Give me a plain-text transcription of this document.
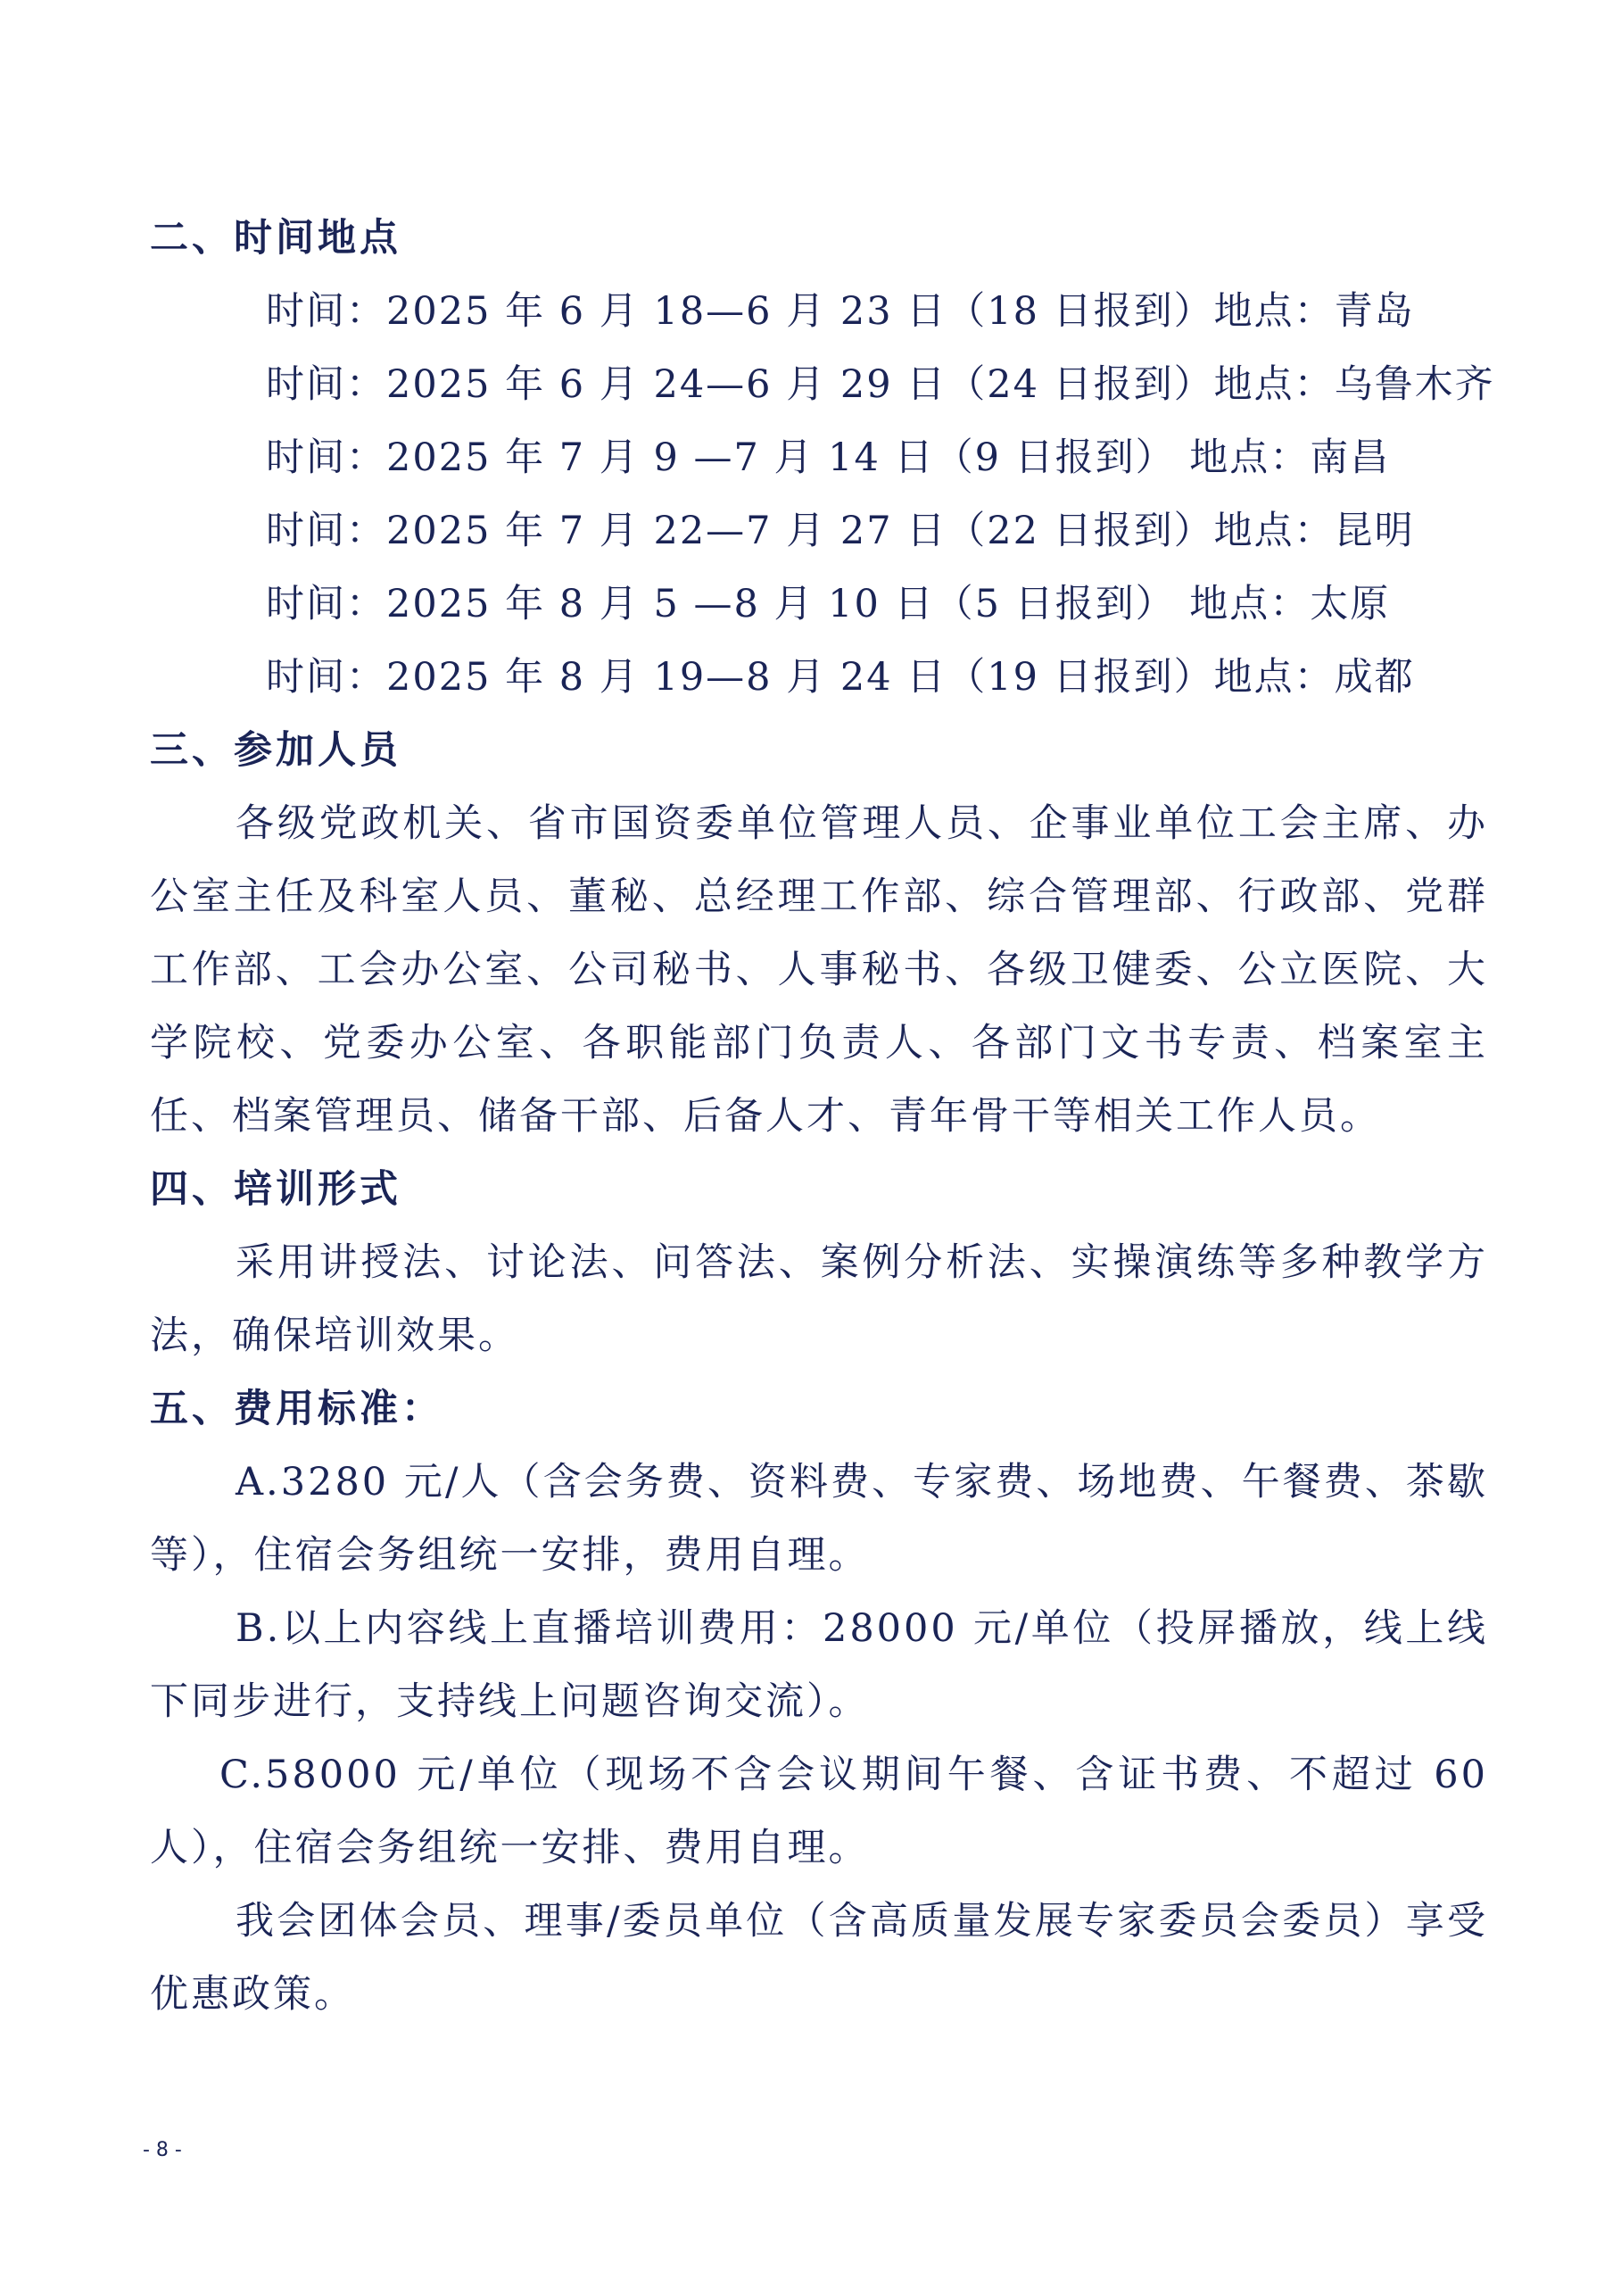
二、时间地点
时间：2025 年 6 月 18—6 月 23 日（18 日报到）地点：青岛
时间：2025 年 6 月 24—6 月 29 日（24 日报到）地点：乌鲁木齐
时间：2025 年 7 月 9 —7 月 14 日（9 日报到） 地点：南昌
时间：2025 年 7 月 22—7 月 27 日（22 日报到）地点：昆明
时间：2025 年 8 月 5 —8 月 10 日（5 日报到） 地点：太原
时间：2025 年 8 月 19—8 月 24 日（19 日报到）地点：成都
三、参加人员

各级党政机关、省市国资委单位管理人员、企事业单位工会主席、办公室主任及科室人员、董秘、总经理工作部、综合管理部、行政部、党群工作部、工会办公室、公司秘书、人事秘书、各级卫健委、公立医院、大学院校、党委办公室、各职能部门负责人、各部门文书专责、档案室主任、档案管理员、储备干部、后备人才、青年骨干等相关工作人员。

四、培训形式

采用讲授法、讨论法、问答法、案例分析法、实操演练等多种教学方法，确保培训效果。

五、费用标准：

A.3280 元/人（含会务费、资料费、专家费、场地费、午餐费、茶歇等），住宿会务组统一安排，费用自理。

B.以上内容线上直播培训费用：28000 元/单位（投屏播放，线上线下同步进行，支持线上问题咨询交流）。

C.58000 元/单位（现场不含会议期间午餐、含证书费、不超过 60 人），住宿会务组统一安排、费用自理。

我会团体会员、理事/委员单位（含高质量发展专家委员会委员）享受优惠政策。

- 8 -
